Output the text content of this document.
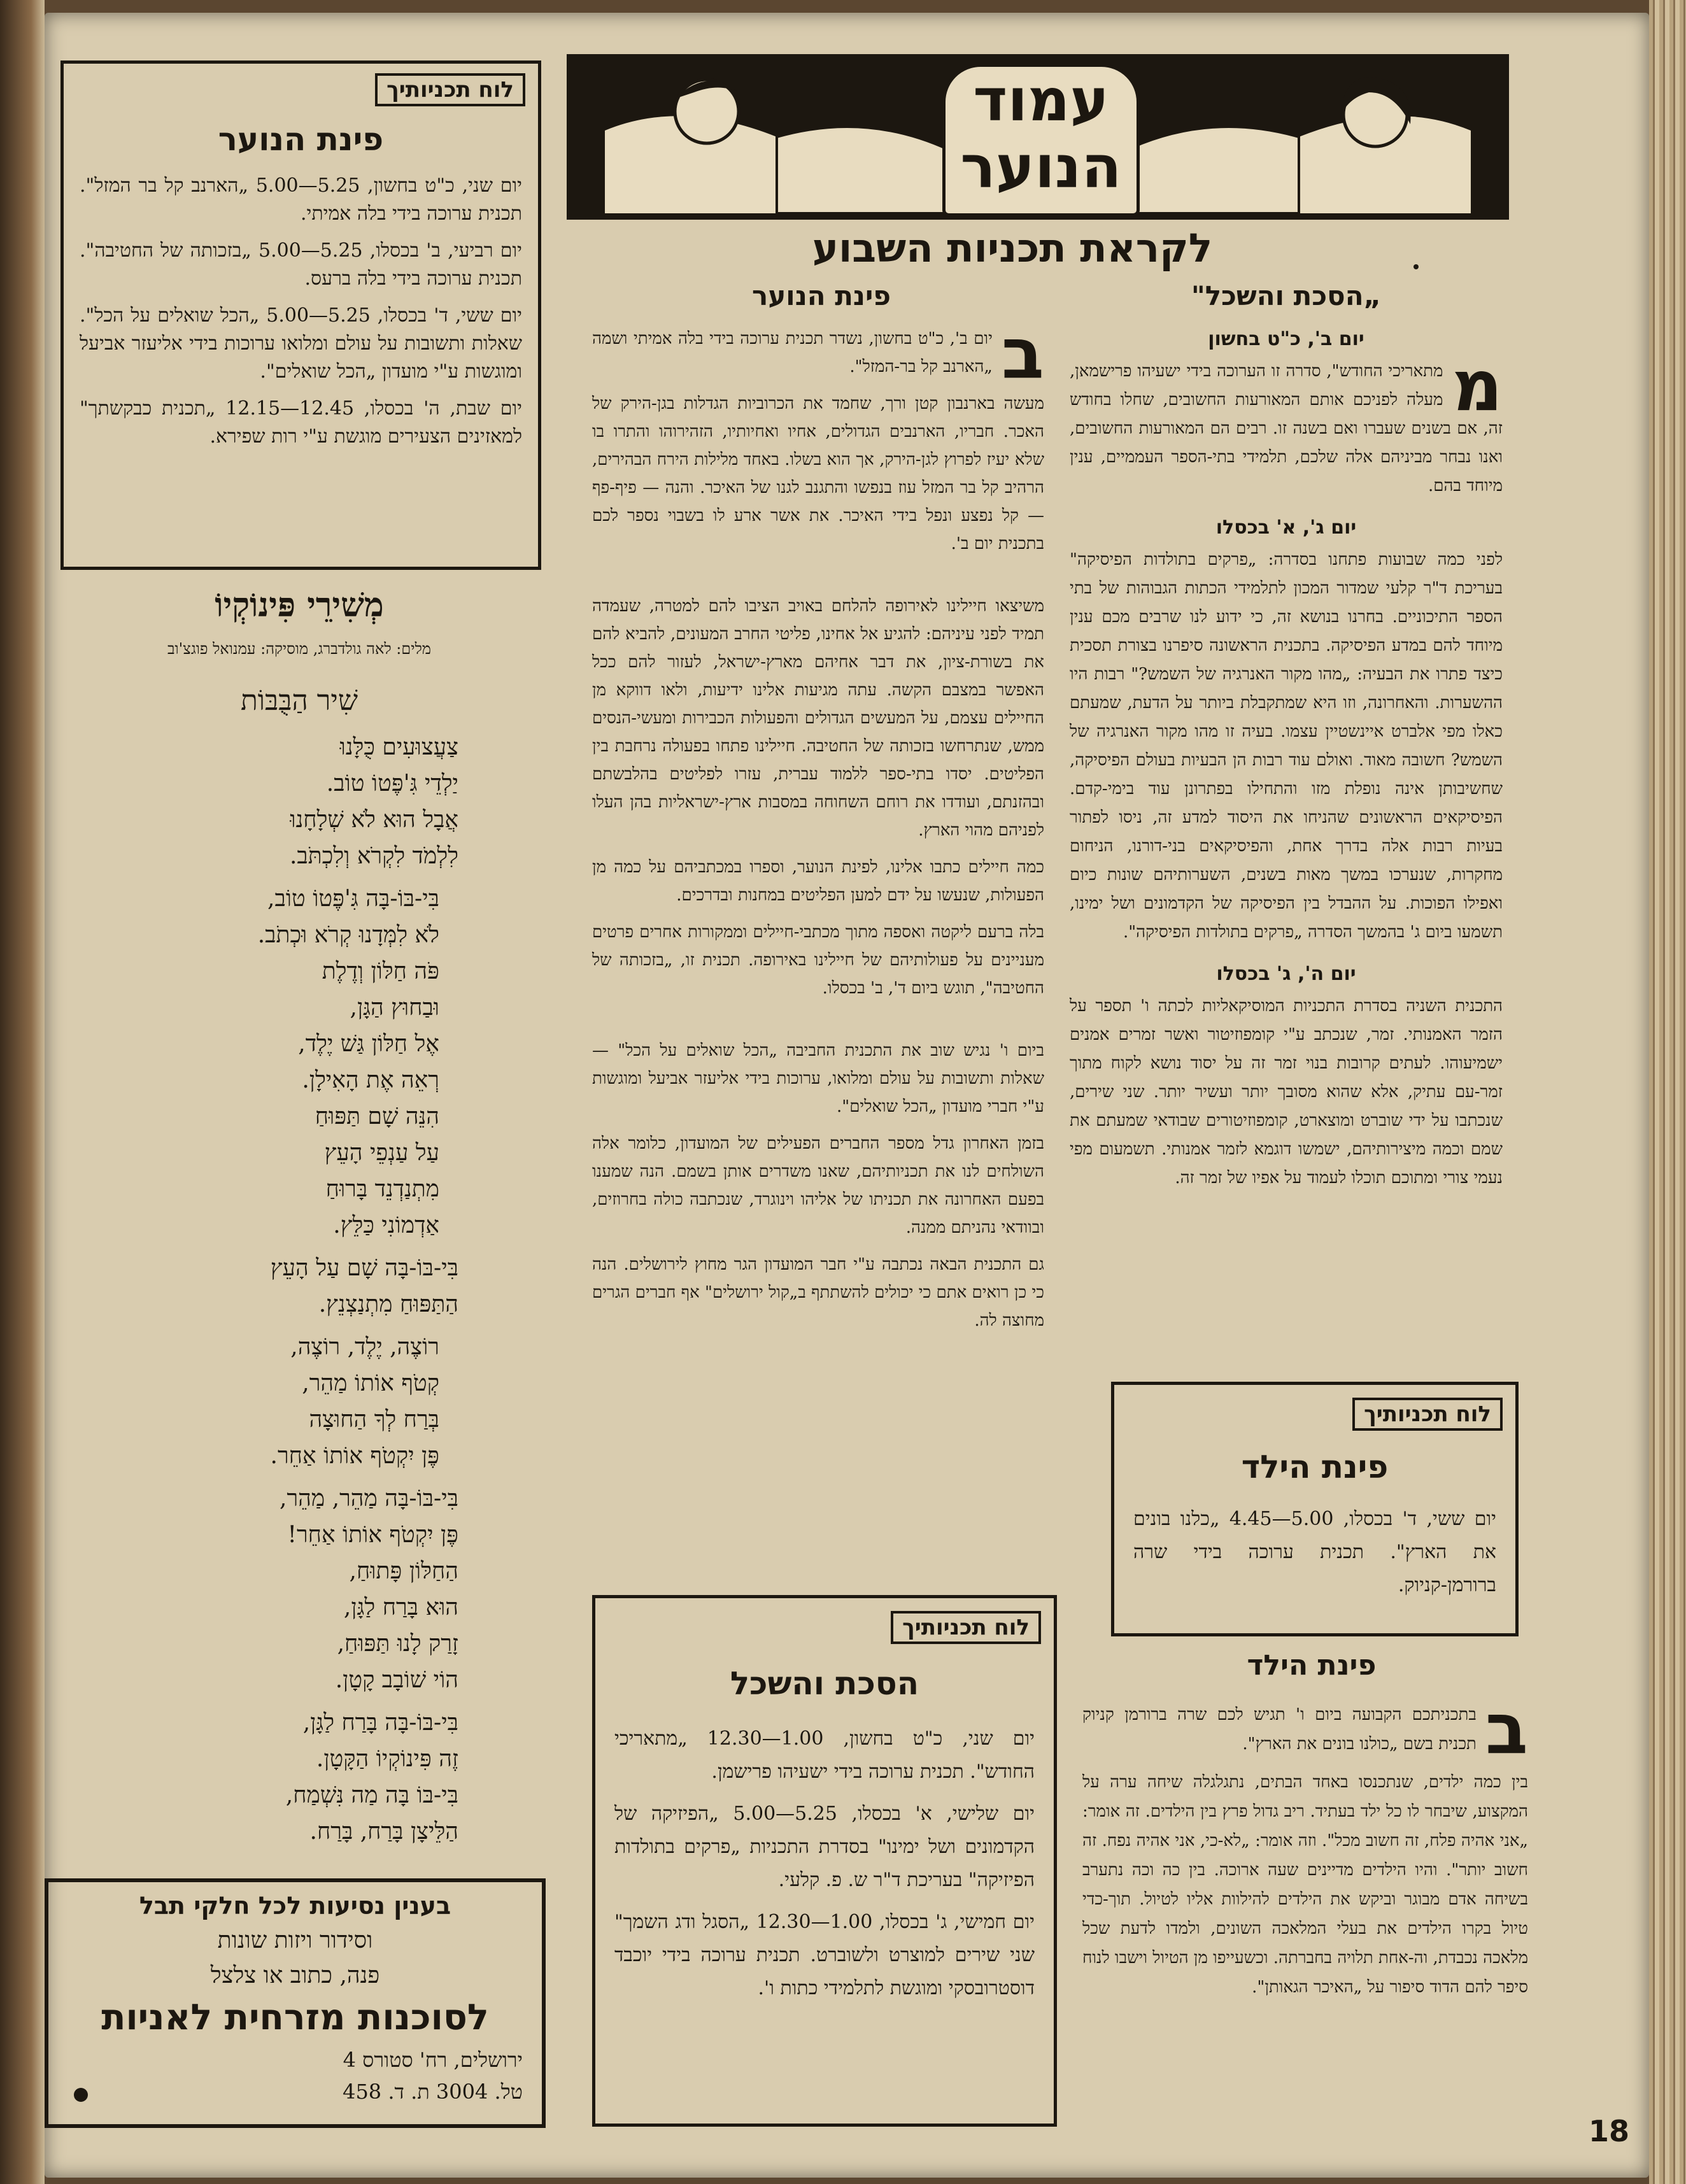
עמוד
הנוער
לקראת תכניות השבוע
לוח תכניותיך
פינת הנוער

יום שני, כ"ט בחשון, 5.25—5.00 „הארנב קל בר המזל". תכנית ערוכה בידי בלה אמיתי.

יום רביעי, ב' בכסלו, 5.25—5.00 „בזכותה של החטיבה". תכנית ערוכה בידי בלה ברעס.

יום ששי, ד' בכסלו, 5.25—5.00 „הכל שואלים על הכל". שאלות ותשובות על עולם ומלואו ערוכות בידי אליעזר אביעל ומוגשות ע"י מועדון „הכל שואלים".

יום שבת, ה' בכסלו, 12.45—12.15 „תכנית כבקשתך" למאזינים הצעירים מוגשת ע"י רות שפירא.

„הסכת והשכל"
יום ב', כ"ט בחשון

מ
מתאריכי החודש", סדרה זו הערוכה בידי ישעיהו פרישמאן, מעלה לפניכם אותם המאורעות החשובים, שחלו בחודש זה, אם בשנים שעברו ואם בשנה זו. רבים הם המאורעות החשובים, ואנו נבחר מביניהם אלה שלכם, תלמידי בתי-הספר העממיים, ענין מיוחד בהם.

יום ג', א' בכסלו

לפני כמה שבועות פתחנו בסדרה: „פרקים בתולדות הפיסיקה" בעריכת ד"ר קלעי שמדור המכון לתלמידי הכתות הגבוהות של בתי הספר התיכוניים. בחרנו בנושא זה, כי ידוע לנו שרבים מכם ענין מיוחד להם במדע הפיסיקה. בתכנית הראשונה סיפרנו בצורת תסכית כיצד פתרו את הבעיה: „מהו מקור האנרגיה של השמש?" רבות היו ההשערות. והאחרונה, וזו היא שמתקבלת ביותר על הדעת, שמעתם כאלו מפי אלברט איינשטיין עצמו. בעיה זו מהו מקור האנרגיה של השמש? חשובה מאוד. ואולם עוד רבות הן הבעיות בעולם הפיסיקה, שחשיבותן אינה נופלת מזו והתחילו בפתרונן עוד בימי-קדם. הפיסיקאים הראשונים שהניחו את היסוד למדע זה, ניסו לפתור בעיות רבות אלה בדרך אחת, והפיסיקאים בני-דורנו, הניחום מחקרות, שנערכו במשך מאות בשנים, השערותיהם שונות כיום ואפילו הפוכות. על ההבדל בין הפיסיקה של הקדמונים ושל ימינו, תשמעו ביום ג' בהמשך הסדרה „פרקים בתולדות הפיסיקה".

יום ה', ג' בכסלו

התכנית השניה בסדרת התכניות המוסיקאליות לכתה ו' תספר על הזמר האמנותי. זמר, שנכתב ע"י קומפוזיטור ואשר זמרים אמנים ישמיעוהו. לעתים קרובות בנוי זמר זה על יסוד נושא לקוח מתוך זמר-עם עתיק, אלא שהוא מסובך יותר ועשיר יותר. שני שירים, שנכתבו על ידי שוברט ומוצארט, קומפוזיטורים שבודאי שמעתם את שמם וכמה מיצירותיהם, ישמשו דוגמא לזמר אמנותי. תשמעום מפי נעמי צורי ומתוכם תוכלו לעמוד על אפיו של זמר זה.

פינת הנוער

ב
יום ב', כ"ט בחשון, נשדר תכנית ערוכה בידי בלה אמיתי ושמה „הארנב קל בר-המזל".

מעשה בארנבון קטן ורך, שחמד את הכרוביות הגדלות בגן-הירק של האכר. חבריו, הארנבים הגדולים, אחיו ואחיותיו, הזהירוהו והתרו בו שלא יעיז לפרוץ לגן-הירק, אך הוא בשלו. באחד מלילות הירח הבהירים, הרהיב קל בר המזל עוז בנפשו והתגנב לגנו של האיכר. והנה — פיף-פף — קל נפצע ונפל בידי האיכר. את אשר ארע לו בשבוי נספר לכם בתכנית יום ב'.

משיצאו חיילינו לאירופה להלחם באויב הציבו להם למטרה, שעמדה תמיד לפני עיניהם: להגיע אל אחינו, פליטי החרב המעונים, להביא להם את בשורת-ציון, את דבר אחיהם מארץ-ישראל, לעזור להם ככל האפשר במצבם הקשה. עתה מגיעות אלינו ידיעות, ולאו דווקא מן החיילים עצמם, על המעשים הגדולים והפעולות הכבירות ומעשי-הנסים ממש, שנתרחשו בזכותה של החטיבה. חיילינו פתחו בפעולה נרחבת בין הפליטים. יסדו בתי-ספר ללמוד עברית, עזרו לפליטים בהלבשתם ובהזנתם, ועודדו את רוחם השחוחה במסבות ארץ-ישראליות בהן העלו לפניהם מהוי הארץ.

כמה חיילים כתבו אלינו, לפינת הנוער, וספרו במכתביהם על כמה מן הפעולות, שנעשו על ידם למען הפליטים במחנות ובדרכים.

בלה ברעם ליקטה ואספה מתוך מכתבי-חיילים וממקורות אחרים פרטים מעניינים על פעולותיהם של חיילינו באירופה. תכנית זו, „בזכותה של החטיבה", תוגש ביום ד', ב' בכסלו.

ביום ו' נגיש שוב את התכנית החביבה „הכל שואלים על הכל" — שאלות ותשובות על עולם ומלואו, ערוכות בידי אליעזר אביעל ומוגשות ע"י חברי מועדון „הכל שואלים".

בזמן האחרון גדל מספר החברים הפעילים של המועדון, כלומר אלה השולחים לנו את תכניותיהם, שאנו משדרים אותן בשמם. הנה שמענו בפעם האחרונה את תכניתו של אליהו וינוגרד, שנכתבה כולה בחרוזים, ובוודאי נהניתם ממנה.

גם התכנית הבאה נכתבה ע"י חבר המועדון הגר מחוץ לירושלים. הנה כי כן רואים אתם כי יכולים להשתתף ב„קול ירושלים" אף חברים הגרים מחוצה לה.

לוח תכניותיך
הסכת והשכל

יום שני, כ"ט בחשון, 1.00—12.30 „מתאריכי החודש". תכנית ערוכה בידי ישעיהו פרישמן.

יום שלישי, א' בכסלו, 5.25—5.00 „הפיזיקה של הקדמונים ושל ימינו" בסדרת התכניות „פרקים בתולדות הפיזיקה" בעריכת ד"ר ש. פ. קלעי.

יום חמישי, ג' בכסלו, 1.00—12.30 „הסגל ודג השמך" שני שירים למוצרט ולשוברט. תכנית ערוכה בידי יוכבד דוסטרובסקי ומוגשת לתלמידי כתות ו'.

לוח תכניותיך
פינת הילד
יום ששי, ד' בכסלו, 5.00—4.45 „כלנו בונים את הארץ". תכנית ערוכה בידי שרה ברורמן-קניוק.
פינת הילד

ב
בתכניתכם הקבועה ביום ו' תגיש לכם שרה ברורמן קניוק תכנית בשם „כולנו בונים את הארץ".

בין כמה ילדים, שנתכנסו באחד הבתים, נתגלגלה שיחה ערה על המקצוע, שיבחר לו כל ילד בעתיד. ריב גדול פרץ בין הילדים. זה אומר: „אני אהיה פלח, זה חשוב מכל". וזה אומר: „לא-כי, אני אהיה נפח. זה חשוב יותר". והיו הילדים מדיינים שעה ארוכה. בין כה וכה נתערב בשיחה אדם מבוגר וביקש את הילדים להילוות אליו לטיול. תוך-כדי טיול בקרו הילדים את בעלי המלאכה השונים, ולמדו לדעת שכל מלאכה נכבדת, וה-אחת תלויה בחברתה. וכשעייפו מן הטיול וישבו לנוח סיפר להם הדוד סיפור על „האיכר הגאותן".

מְשִׁירֵי פִּינוֹקְיוֹ
מלים: לאה גולדברג, מוסיקה: עמנואל פוגצ'וב
שִׁיר הַבֻּבּוֹת
צַעֲצוּעִים כֻּלָּנוּ
יַלְדֵי גִּ'פֶּטוֹ טוֹב.
אֲבָל הוּא לֹא שְׁלָחָנוּ
לִלְמֹד לִקְרֹא וְלִכְתֹּב.
בִּי-בּוֹ-בָּה גִּ'פֶּטוֹ טוֹב,
לֹא לִמְּדָנוּ קְרֹא וּכְתֹב.
פֹּה חַלּוֹן וְדֶלֶת
וּבַחוּץ הַגָּן,
אֶל חַלּוֹן גַּשׁ יֶלֶד,
רְאֵה אֶת הָאִילָן.
הִנֵּה שָׁם תַּפּוּחַ
עַל עַנְפֵי הָעֵץ
מִתְנַדְנֵד בָּרוּחַ
אַדְמוֹנִי כַּלֵּץ.
בִּי-בּוֹ-בָּה שָׁם עַל הָעֵץ
הַתַּפּוּחַ מִתְנַצְנֵץ.
רוֹצֶה, יֶלֶד, רוֹצֶה,
קְטֹף אוֹתוֹ מַהֵר,
בְּרַח לְךָ הַחוּצָה
פֶּן יִקְטֹף אוֹתוֹ אַחֵר.
בִּי-בּוֹ-בָּה מַהֵר, מַהֵר,
פֶּן יִקְטֹף אוֹתוֹ אַחֵר!
הַחַלּוֹן פָּתוּחַ,
הוּא בָּרַח לַגָּן,
זָרַק לָנוּ תַּפּוּחַ,
הוֹי שׁוֹבָב קָטָן.
בִּי-בּוֹ-בָּה בָּרַח לַגָּן,
זֶה פִּינוֹקְיוֹ הַקָּטָן.
בִּי-בּוֹ בָּה מַה נִּשְׁמַח,
הַלֵּיצָן בָּרַח, בָּרַח.
בענין נסיעות לכל חלקי תבל
וסידור ויזות שונות
פנה, כתוב או צלצל
לסוכנות מזרחית לאניות
ירושלים, רח' סטורס 4
טל. 3004 ת. ד. 458
18
